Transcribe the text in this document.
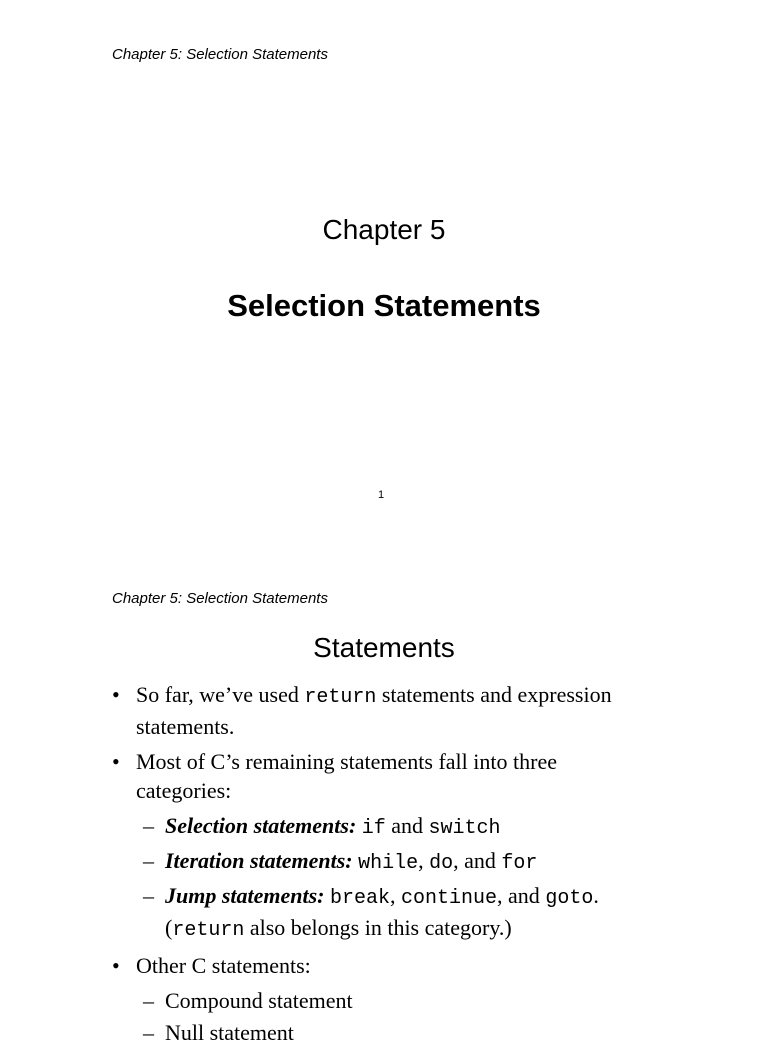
Chapter 5: Selection Statements
Chapter 5
Selection Statements
1
Chapter 5: Selection Statements
Statements
• So far, we’ve used return statements and expression statements.
• Most of C’s remaining statements fall into three categories:
– Selection statements: if and switch
– Iteration statements: while, do, and for
– Jump statements: break, continue, and goto. (return also belongs in this category.)
• Other C statements:
– Compound statement
– Null statement
